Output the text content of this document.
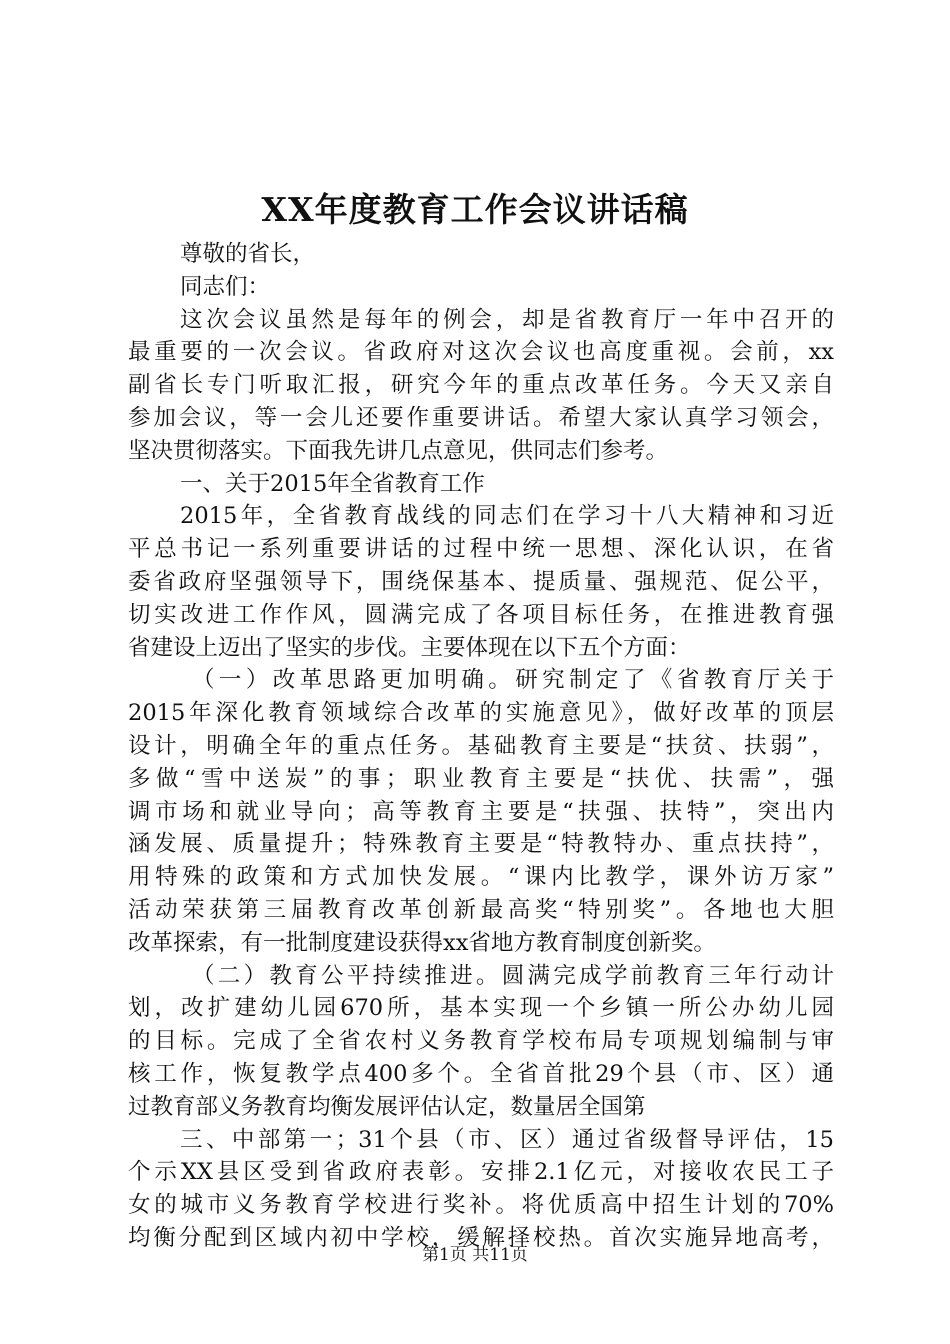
XX年度教育工作会议讲话稿
尊敬的省长，
同志们：
这次会议虽然是每年的例会，却是省教育厅一年中召开的
最重要的一次会议。省政府对这次会议也高度重视。会前，xx
副省长专门听取汇报，研究今年的重点改革任务。今天又亲自
参加会议，等一会儿还要作重要讲话。希望大家认真学习领会，
坚决贯彻落实。下面我先讲几点意见，供同志们参考。
一、关于2015年全省教育工作
2015年，全省教育战线的同志们在学习十八大精神和习近
平总书记一系列重要讲话的过程中统一思想、深化认识，在省
委省政府坚强领导下，围绕保基本、提质量、强规范、促公平，
切实改进工作作风，圆满完成了各项目标任务，在推进教育强
省建设上迈出了坚实的步伐。主要体现在以下五个方面：
（一）改革思路更加明确。研究制定了《省教育厅关于
2015年深化教育领域综合改革的实施意见》，做好改革的顶层
设计，明确全年的重点任务。基础教育主要是“扶贫、扶弱”，
多做“雪中送炭”的事；职业教育主要是“扶优、扶需”，强
调市场和就业导向；高等教育主要是“扶强、扶特”，突出内
涵发展、质量提升；特殊教育主要是“特教特办、重点扶持”，
用特殊的政策和方式加快发展。“课内比教学，课外访万家”
活动荣获第三届教育改革创新最高奖“特别奖”。各地也大胆
改革探索，有一批制度建设获得xx省地方教育制度创新奖。
（二）教育公平持续推进。圆满完成学前教育三年行动计
划，改扩建幼儿园670所，基本实现一个乡镇一所公办幼儿园
的目标。完成了全省农村义务教育学校布局专项规划编制与审
核工作，恢复教学点400多个。全省首批29个县（市、区）通
过教育部义务教育均衡发展评估认定，数量居全国第
三、中部第一；31个县（市、区）通过省级督导评估，15
个示XX县区受到省政府表彰。安排2.1亿元，对接收农民工子
女的城市义务教育学校进行奖补。将优质高中招生计划的70%
均衡分配到区域内初中学校，缓解择校热。首次实施异地高考，
第1页 共11页
